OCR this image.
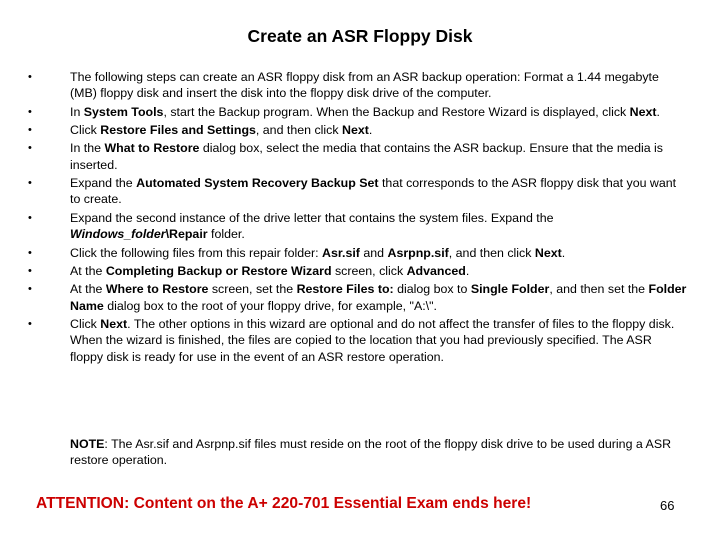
Create an ASR Floppy Disk
•	The following steps can create an ASR floppy disk from an ASR backup operation: Format a 1.44 megabyte (MB) floppy disk and insert the disk into the floppy disk drive of the computer.
•	In System Tools, start the Backup program. When the Backup and Restore Wizard is displayed, click Next.
•	Click Restore Files and Settings, and then click Next.
•	In the What to Restore dialog box, select the media that contains the ASR backup. Ensure that the media is inserted.
•	Expand the Automated System Recovery Backup Set that corresponds to the ASR floppy disk that you want to create.
•	Expand the second instance of the drive letter that contains the system files. Expand the Windows_folder\Repair folder.
•	Click the following files from this repair folder: Asr.sif and Asrpnp.sif, and then click Next.
•	At the Completing Backup or Restore Wizard screen, click Advanced.
•	At the Where to Restore screen, set the Restore Files to: dialog box to Single Folder, and then set the Folder Name dialog box to the root of your floppy drive, for example, "A:\".
•	Click Next. The other options in this wizard are optional and do not affect the transfer of files to the floppy disk. When the wizard is finished, the files are copied to the location that you had previously specified. The ASR floppy disk is ready for use in the event of an ASR restore operation.
NOTE: The Asr.sif and Asrpnp.sif files must reside on the root of the floppy disk drive to be used during a ASR restore operation.
ATTENTION: Content on the A+ 220-701 Essential Exam ends here!	66
